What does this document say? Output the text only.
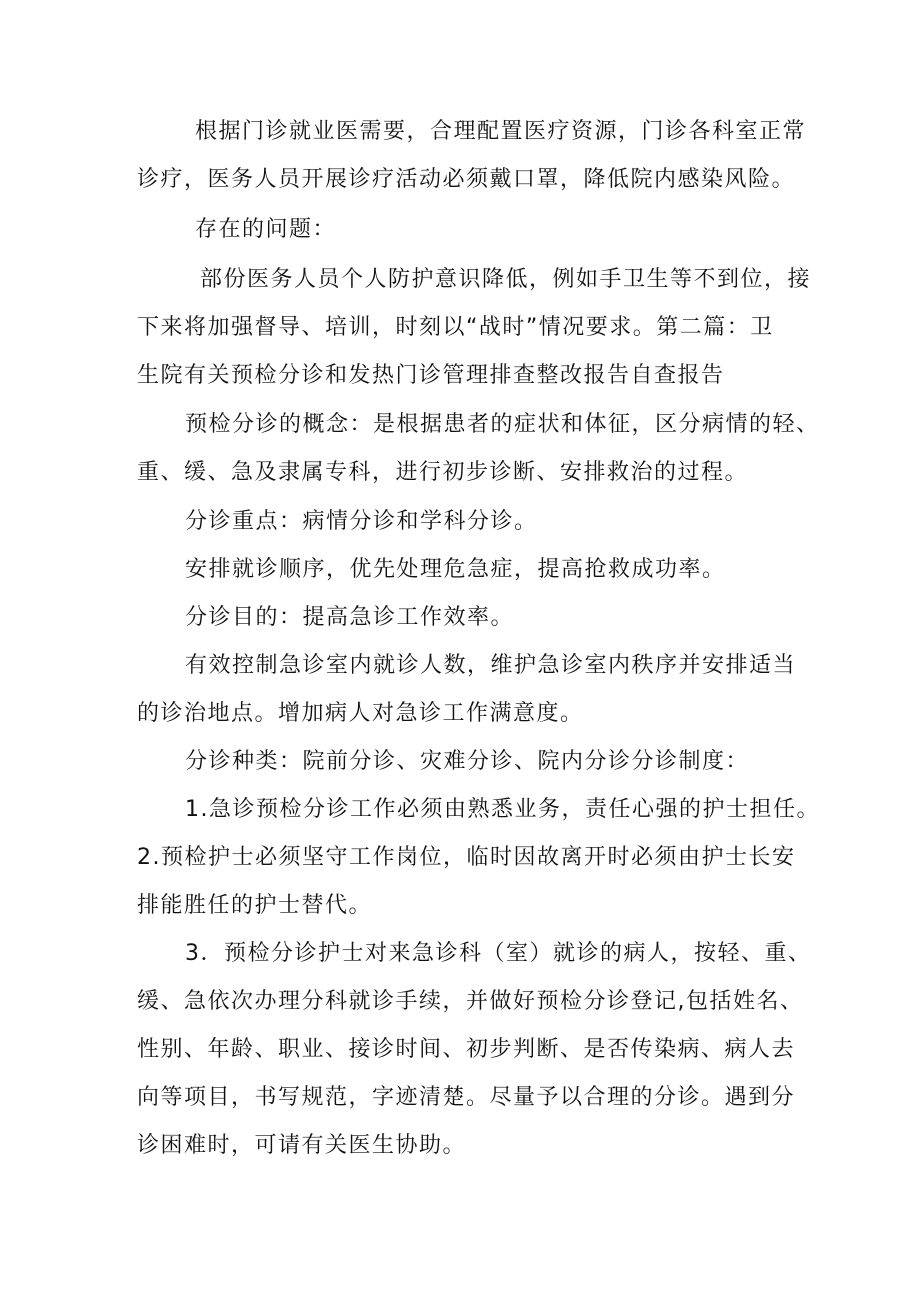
根据门诊就业医需要，合理配置医疗资源，门诊各科室正常

诊疗，医务人员开展诊疗活动必须戴口罩，降低院内感染风险。

存在的问题：

部份医务人员个人防护意识降低，例如手卫生等不到位，接

下来将加强督导、培训，时刻以“战时”情况要求。第二篇：卫

生院有关预检分诊和发热门诊管理排查整改报告自查报告

预检分诊的概念：是根据患者的症状和体征，区分病情的轻、

重、缓、急及隶属专科，进行初步诊断、安排救治的过程。

分诊重点：病情分诊和学科分诊。

安排就诊顺序，优先处理危急症，提高抢救成功率。

分诊目的：提高急诊工作效率。

有效控制急诊室内就诊人数，维护急诊室内秩序并安排适当

的诊治地点。增加病人对急诊工作满意度。

分诊种类：院前分诊、灾难分诊、院内分诊分诊制度：

1.急诊预检分诊工作必须由熟悉业务，责任心强的护士担任。

2.预检护士必须坚守工作岗位，临时因故离开时必须由护士长安

排能胜任的护士替代。

3．预检分诊护士对来急诊科（室）就诊的病人，按轻、重、

缓、急依次办理分科就诊手续，并做好预检分诊登记,包括姓名、

性别、年龄、职业、接诊时间、初步判断、是否传染病、病人去

向等项目，书写规范，字迹清楚。尽量予以合理的分诊。遇到分

诊困难时，可请有关医生协助。
